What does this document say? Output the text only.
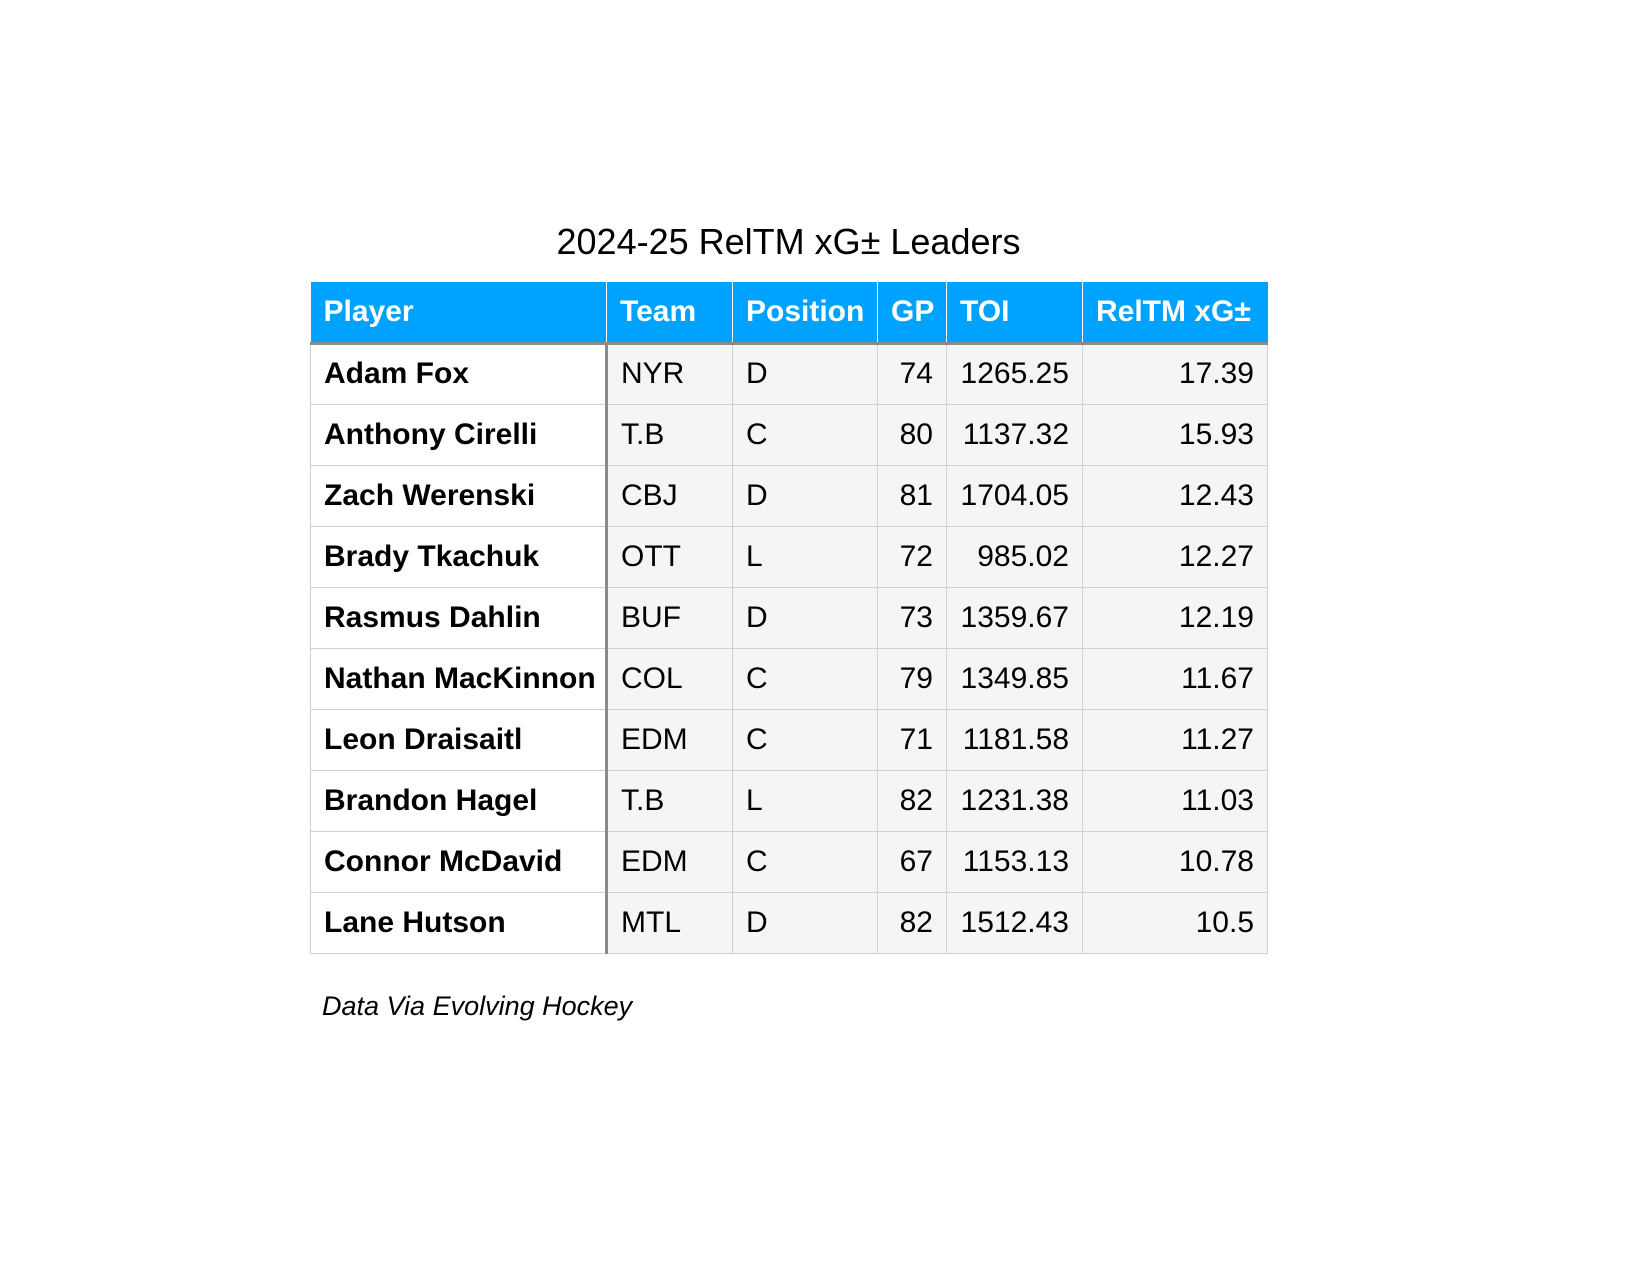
2024-25 RelTM xG± Leaders
Player	Team	Position	GP	TOI	RelTM xG±
Adam Fox	NYR	D	74	1265.25	17.39
Anthony Cirelli	T.B	C	80	1137.32	15.93
Zach Werenski	CBJ	D	81	1704.05	12.43
Brady Tkachuk	OTT	L	72	985.02	12.27
Rasmus Dahlin	BUF	D	73	1359.67	12.19
Nathan MacKinnon	COL	C	79	1349.85	11.67
Leon Draisaitl	EDM	C	71	1181.58	11.27
Brandon Hagel	T.B	L	82	1231.38	11.03
Connor McDavid	EDM	C	67	1153.13	10.78
Lane Hutson	MTL	D	82	1512.43	10.5
Data Via Evolving Hockey
